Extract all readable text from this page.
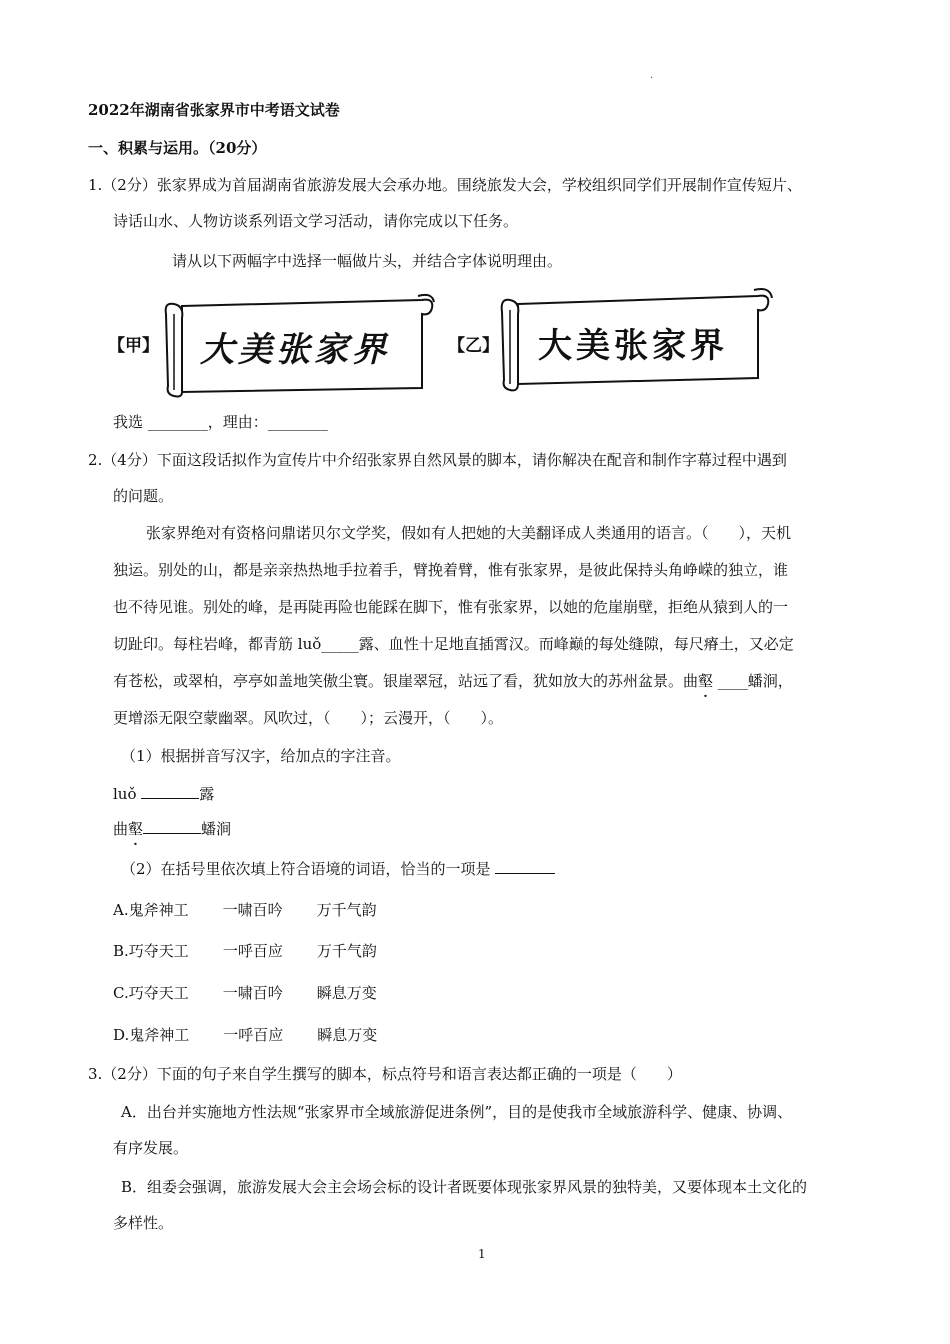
.
2022年湖南省张家界市中考语文试卷
一、积累与运用。（20分）
1.（2分）张家界成为首届湖南省旅游发展大会承办地。围绕旅发大会，学校组织同学们开展制作宣传短片、
诗话山水、人物访谈系列语文学习活动，请你完成以下任务。
请从以下两幅字中选择一幅做片头，并结合字体说明理由。
【甲】 大美张家界	【乙】 大美张家界
我选 ________，理由：________
2.（4分）下面这段话拟作为宣传片中介绍张家界自然风景的脚本，请你解决在配音和制作字幕过程中遇到
的问题。
张家界绝对有资格问鼎诺贝尔文学奖，假如有人把她的大美翻译成人类通用的语言。（　　），天机
独运。别处的山，都是亲亲热热地手拉着手，臂挽着臂，惟有张家界，是彼此保持头角峥嵘的独立，谁
也不待见谁。别处的峰，是再陡再险也能踩在脚下，惟有张家界，以她的危崖崩壁，拒绝从猿到人的一
切趾印。每柱岩峰，都青筋 luǒ_____露、血性十足地直插霄汉。而峰巅的每处缝隙，每尺瘠土，又必定
有苍松，或翠柏，亭亭如盖地笑傲尘寰。银崖翠冠，站远了看，犹如放大的苏州盆景。曲壑 ____蟠涧，
更增添无限空蒙幽翠。风吹过，（　　）；云漫开，（　　）。
（1）根据拼音写汉字，给加点的字注音。
luǒ	露
曲壑	蟠涧
（2）在括号里依次填上符合语境的词语，恰当的一项是
A.鬼斧神工 一啸百吟 万千气韵
B.巧夺天工 一呼百应 万千气韵
C.巧夺天工 一啸百吟 瞬息万变
D.鬼斧神工 一呼百应 瞬息万变
3.（2分）下面的句子来自学生撰写的脚本，标点符号和语言表达都正确的一项是（　　）
A．出台并实施地方性法规“张家界市全域旅游促进条例”，目的是使我市全域旅游科学、健康、协调、
有序发展。
B．组委会强调，旅游发展大会主会场会标的设计者既要体现张家界风景的独特美，又要体现本土文化的
多样性。
1
